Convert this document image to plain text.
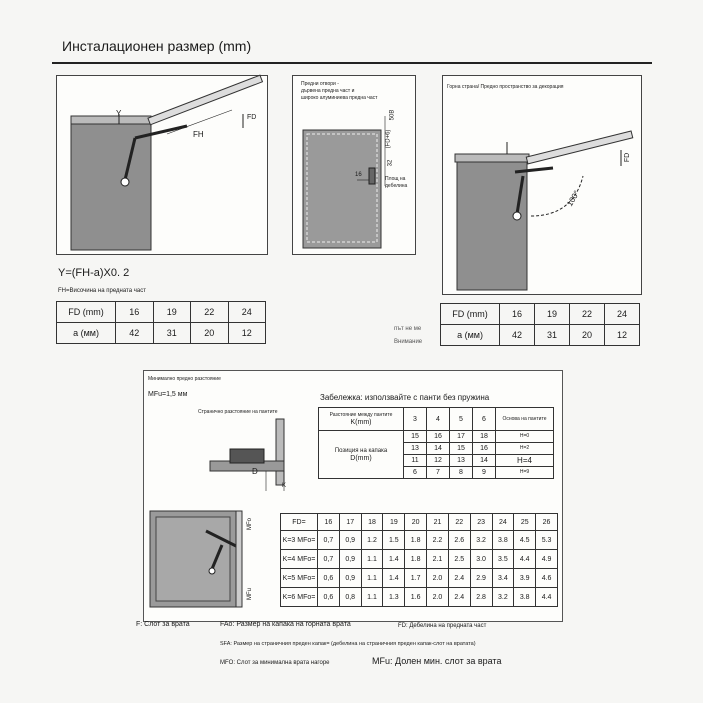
Инсталационен размер (mm)
Y
FH
FD
Y=(FH-a)X0. 2
FH=Височина на предната част
FD (mm)	16	19	22	24
a (мм)	42	31	20	12
Предни отвори -
дървена предна част и
широко алуминиева предна част
50B
(FD+6)
32
16
Площ на
дебелина
Горна страна/ Предно пространство за декорация
100°
FD
FD (mm)	16	19	22	24
a (мм)	42	31	20	12
път не ме
Внимание
Минимално предно разстояние
MFu=1,5 мм
Страничнo разстояние на пантите
D
K
Забележка: използвайте с панти без пружина
Разстояние между пантите
K(mm)	3	4	5	6	Основа на пантите

Позиция на капака
D(mm)	15	16	17	18	H=0
	13	14	15	16	H=2
	11	12	13	14	H=4
	6	7	8	9	H=9
MFo
MFu
FD=	16	17	18	19	20	21	22	23	24	25	26
K=3 MFo=	0,7	0,9	1.2	1.5	1.8	2.2	2.6	3.2	3.8	4.5	5.3
K=4 MFo=	0,7	0,9	1.1	1.4	1.8	2.1	2.5	3.0	3.5	4.4	4.9
K=5 MFo=	0,6	0,9	1.1	1.4	1.7	2.0	2.4	2.9	3.4	3.9	4.6
K=6 MFo=	0,6	0,8	1.1	1.3	1.6	2.0	2.4	2.8	3.2	3.8	4.4
F: Слот за врата	FAo: Размер на капака на горната врата	FD: Дебелина на предната част
SFA: Размер на страничния преден капак= (дебелина на страничния преден капак-слот на вратата)
MFO: Слот за минимална врата нагоре	MFu: Долен мин. слот за врата
